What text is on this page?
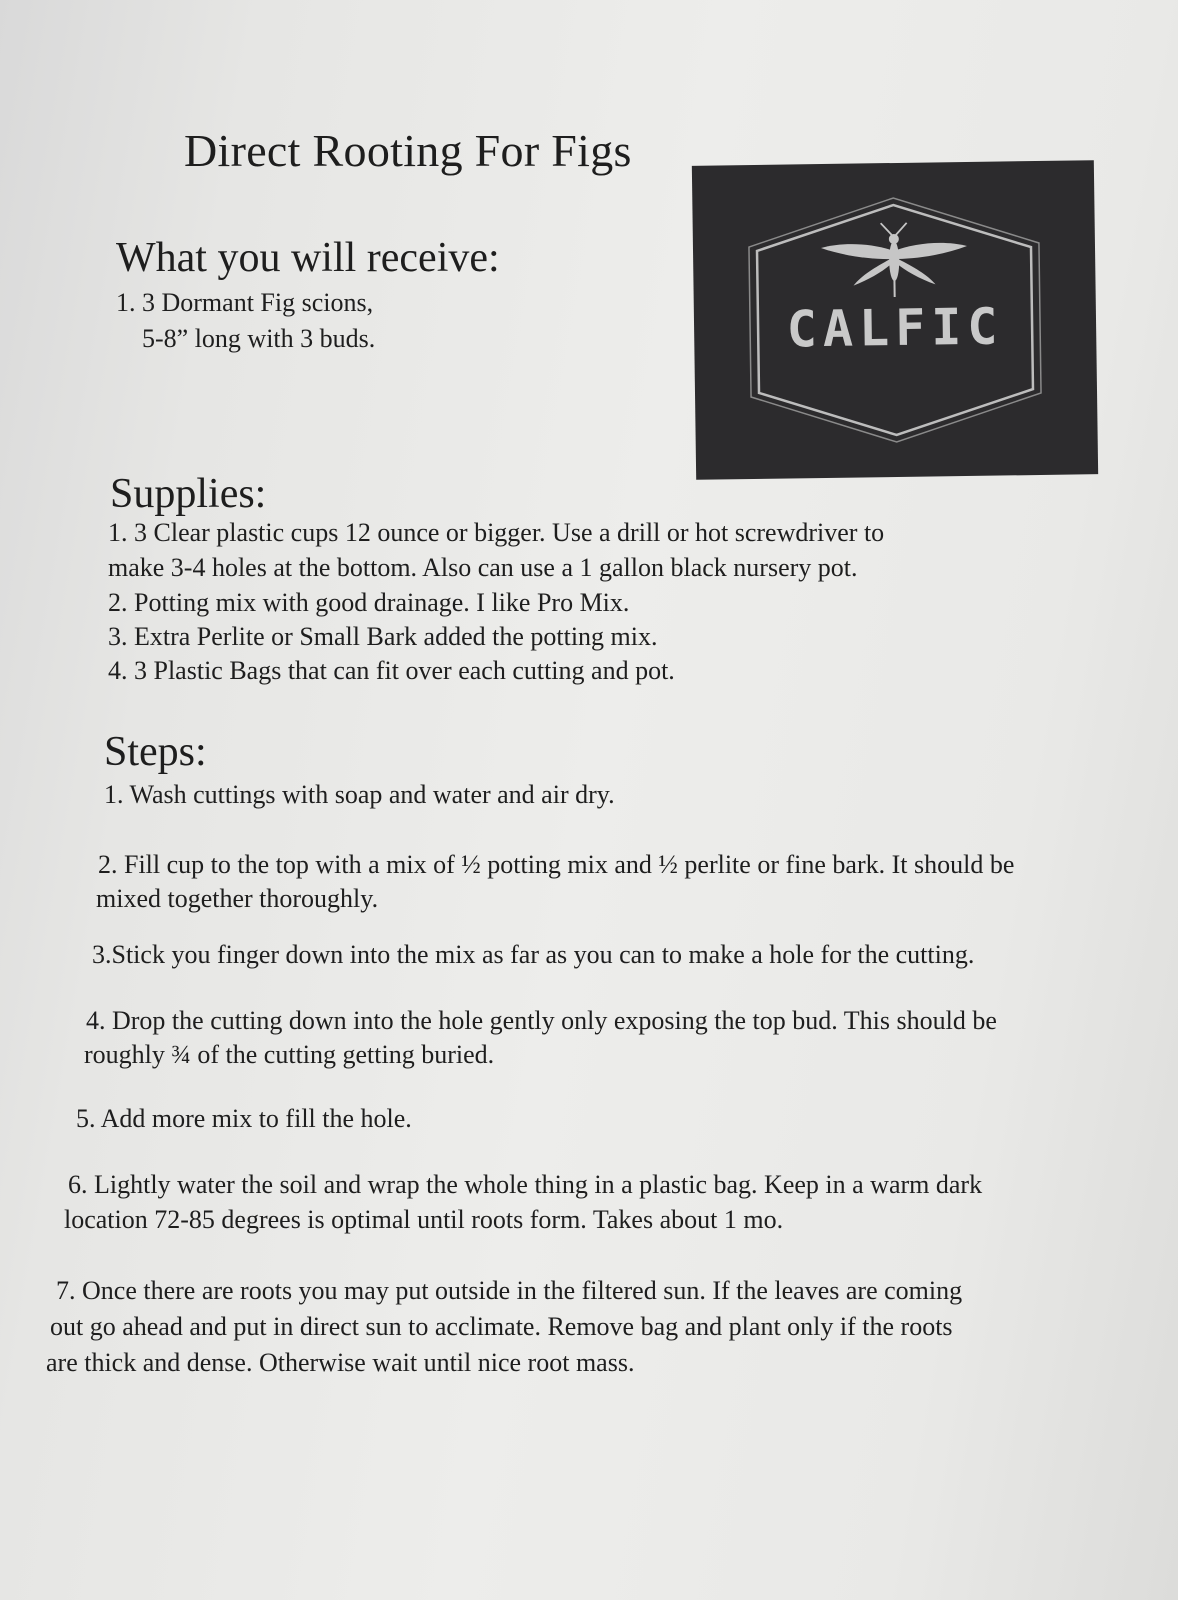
Direct Rooting For Figs
CALFIC
What you will receive:

1. 3 Dormant Fig scions,

5-8” long with 3 buds.

Supplies:

1. 3 Clear plastic cups 12 ounce or bigger. Use a drill or hot screwdriver to

make 3-4 holes at the bottom. Also can use a 1 gallon black nursery pot.

2. Potting mix with good drainage. I like Pro Mix.

3. Extra Perlite or Small Bark added the potting mix.

4. 3 Plastic Bags that can fit over each cutting and pot.

Steps:

1. Wash cuttings with soap and water and air dry.

2. Fill cup to the top with a mix of ½ potting mix and ½ perlite or fine bark. It should be

mixed together thoroughly.

3.Stick you finger down into the mix as far as you can to make a hole for the cutting.

4. Drop the cutting down into the hole gently only exposing the top bud. This should be

roughly ¾ of the cutting getting buried.

5. Add more mix to fill the hole.

6. Lightly water the soil and wrap the whole thing in a plastic bag. Keep in a warm dark

location 72-85 degrees is optimal until roots form. Takes about 1 mo.

7. Once there are roots you may put outside in the filtered sun. If the leaves are coming

out go ahead and put in direct sun to acclimate. Remove bag and plant only if the roots

are thick and dense. Otherwise wait until nice root mass.
